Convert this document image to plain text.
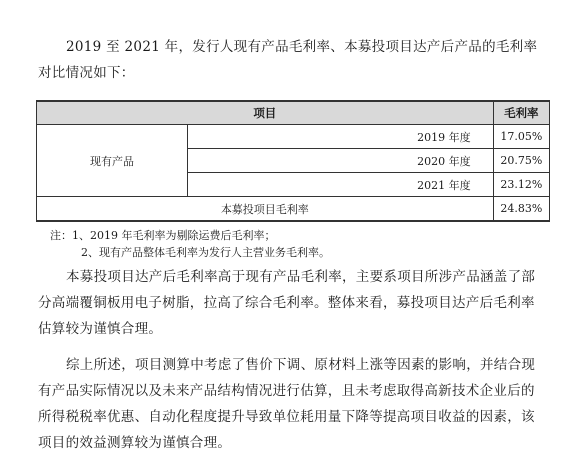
2019 至 2021 年，发行人现有产品毛利率、本募投项目达产后产品的毛利率
对比情况如下：
项目		毛利率
现有产品	2019 年度	17.05%
	2020 年度	20.75%
	2021 年度	23.12%
本募投项目毛利率		24.83%
注：1、2019 年毛利率为剔除运费后毛利率；
2、现有产品整体毛利率为发行人主营业务毛利率。
本募投项目达产后毛利率高于现有产品毛利率，主要系项目所涉产品涵盖了部分高端覆铜板用电子树脂，拉高了综合毛利率。整体来看，募投项目达产后毛利率估算较为谨慎合理。
综上所述，项目测算中考虑了售价下调、原材料上涨等因素的影响，并结合现有产品实际情况以及未来产品结构情况进行估算，且未考虑取得高新技术企业后的所得税税率优惠、自动化程度提升导致单位耗用量下降等提高项目收益的因素，该项目的效益测算较为谨慎合理。
